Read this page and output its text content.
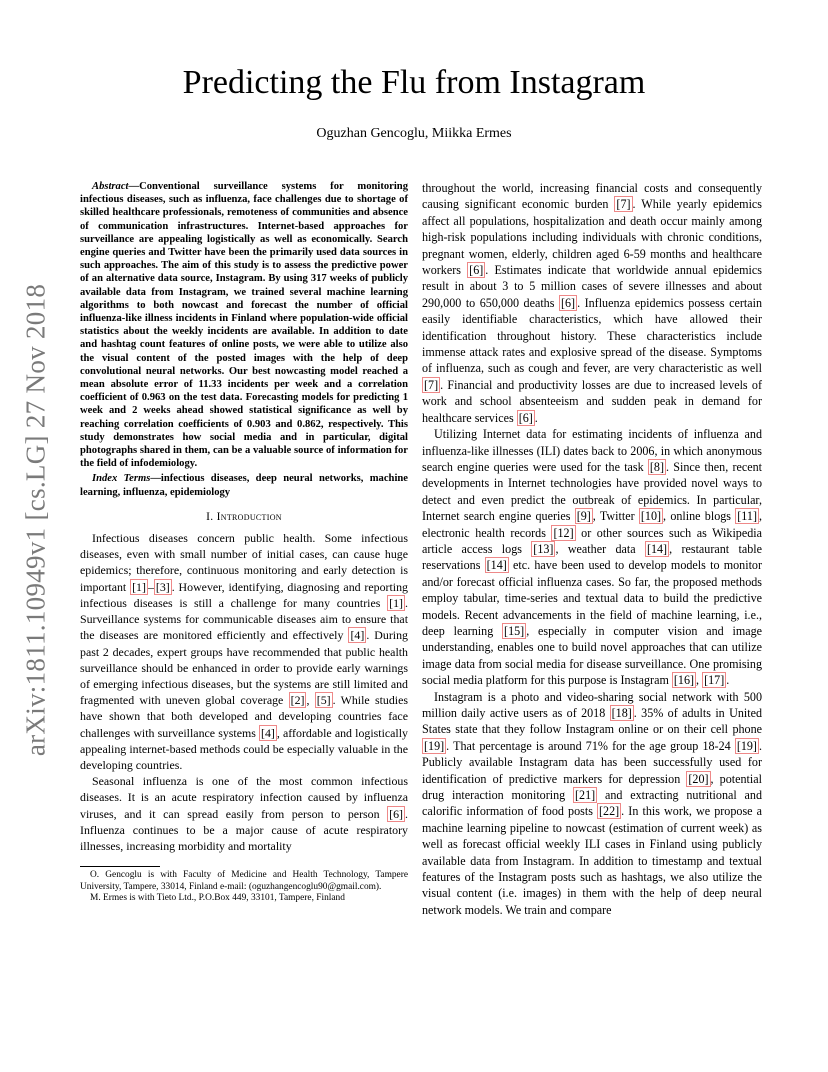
arXiv:1811.10949v1 [cs.LG] 27 Nov 2018
Predicting the Flu from Instagram
Oguzhan Gencoglu, Miikka Ermes

Abstract—Conventional surveillance systems for monitoring infectious diseases, such as influenza, face challenges due to shortage of skilled healthcare professionals, remoteness of communities and absence of communication infrastructures. Internet-based approaches for surveillance are appealing logistically as well as economically. Search engine queries and Twitter have been the primarily used data sources in such approaches. The aim of this study is to assess the predictive power of an alternative data source, Instagram. By using 317 weeks of publicly available data from Instagram, we trained several machine learning algorithms to both nowcast and forecast the number of official influenza-like illness incidents in Finland where population-wide official statistics about the weekly incidents are available. In addition to date and hashtag count features of online posts, we were able to utilize also the visual content of the posted images with the help of deep convolutional neural networks. Our best nowcasting model reached a mean absolute error of 11.33 incidents per week and a correlation coefficient of 0.963 on the test data. Forecasting models for predicting 1 week and 2 weeks ahead showed statistical significance as well by reaching correlation coefficients of 0.903 and 0.862, respectively. This study demonstrates how social media and in particular, digital photographs shared in them, can be a valuable source of information for the field of infodemiology.

Index Terms—infectious diseases, deep neural networks, machine learning, influenza, epidemiology

I. Introduction

Infectious diseases concern public health. Some infectious diseases, even with small number of initial cases, can cause huge epidemics; therefore, continuous monitoring and early detection is important [1] – [3] . However, identifying, diagnosing and reporting infectious diseases is still a challenge for many countries [1] . Surveillance systems for communicable diseases aim to ensure that the diseases are monitored efficiently and effectively [4] . During past 2 decades, expert groups have recommended that public health surveillance should be enhanced in order to provide early warnings of emerging infectious diseases, but the systems are still limited and fragmented with uneven global coverage [2] , [5] . While studies have shown that both developed and developing countries face challenges with surveillance systems [4] , affordable and logistically appealing internet-based methods could be especially valuable in the developing countries.

Seasonal influenza is one of the most common infectious diseases. It is an acute respiratory infection caused by influenza viruses, and it can spread easily from person to person [6] . Influenza continues to be a major cause of acute respiratory illnesses, increasing morbidity and mortality

O. Gencoglu is with Faculty of Medicine and Health Technology, Tampere University, Tampere, 33014, Finland e-mail: (oguzhangencoglu90@gmail.com).

M. Ermes is with Tieto Ltd., P.O.Box 449, 33101, Tampere, Finland

throughout the world, increasing financial costs and consequently causing significant economic burden [7] . While yearly epidemics affect all populations, hospitalization and death occur mainly among high-risk populations including individuals with chronic conditions, pregnant women, elderly, children aged 6-59 months and healthcare workers [6] . Estimates indicate that worldwide annual epidemics result in about 3 to 5 million cases of severe illnesses and about 290,000 to 650,000 deaths [6] . Influenza epidemics possess certain easily identifiable characteristics, which have allowed their identification throughout history. These characteristics include immense attack rates and explosive spread of the disease. Symptoms of influenza, such as cough and fever, are very characteristic as well [7] . Financial and productivity losses are due to increased levels of work and school absenteeism and sudden peak in demand for healthcare services [6] .

Utilizing Internet data for estimating incidents of influenza and influenza-like illnesses (ILI) dates back to 2006, in which anonymous search engine queries were used for the task [8] . Since then, recent developments in Internet technologies have provided novel ways to detect and even predict the outbreak of epidemics. In particular, Internet search engine queries [9] , Twitter [10] , online blogs [11] , electronic health records [12] or other sources such as Wikipedia article access logs [13] , weather data [14] , restaurant table reservations [14] etc. have been used to develop models to monitor and/or forecast official influenza cases. So far, the proposed methods employ tabular, time-series and textual data to build the predictive models. Recent advancements in the field of machine learning, i.e., deep learning [15] , especially in computer vision and image understanding, enables one to build novel approaches that can utilize image data from social media for disease surveillance. One promising social media platform for this purpose is Instagram [16] , [17] .

Instagram is a photo and video-sharing social network with 500 million daily active users as of 2018 [18] . 35% of adults in United States state that they follow Instagram online or on their cell phone [19] . That percentage is around 71% for the age group 18-24 [19] . Publicly available Instagram data has been successfully used for identification of predictive markers for depression [20] , potential drug interaction monitoring [21] and extracting nutritional and calorific information of food posts [22] . In this work, we propose a machine learning pipeline to nowcast (estimation of current week) as well as forecast official weekly ILI cases in Finland using publicly available data from Instagram. In addition to timestamp and textual features of the Instagram posts such as hashtags, we also utilize the visual content (i.e. images) in them with the help of deep neural network models. We train and compare
